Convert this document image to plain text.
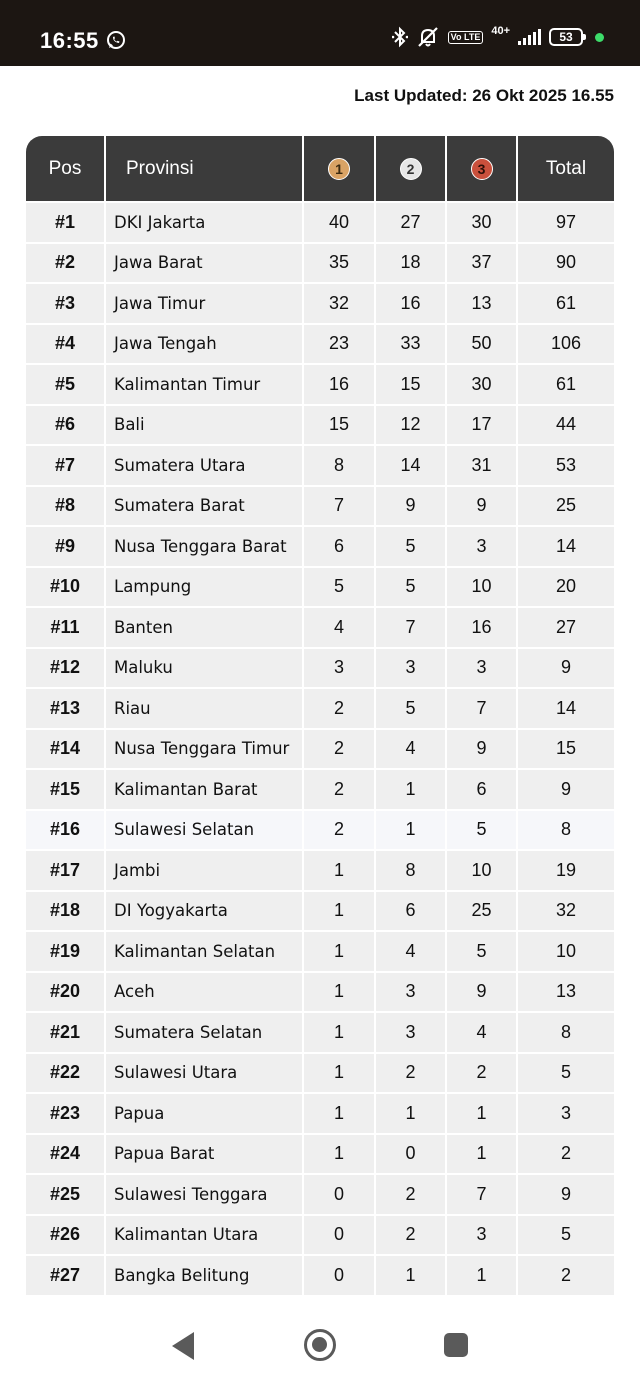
16:55	Vo LTE 40+	53
Last Updated: 26 Okt 2025 16.55
Pos	Provinsi	1	2	3	Total
#1	DKI Jakarta	40	27	30	97
#2	Jawa Barat	35	18	37	90
#3	Jawa Timur	32	16	13	61
#4	Jawa Tengah	23	33	50	106
#5	Kalimantan Timur	16	15	30	61
#6	Bali	15	12	17	44
#7	Sumatera Utara	8	14	31	53
#8	Sumatera Barat	7	9	9	25
#9	Nusa Tenggara Barat	6	5	3	14
#10	Lampung	5	5	10	20
#11	Banten	4	7	16	27
#12	Maluku	3	3	3	9
#13	Riau	2	5	7	14
#14	Nusa Tenggara Timur	2	4	9	15
#15	Kalimantan Barat	2	1	6	9
#16	Sulawesi Selatan	2	1	5	8
#17	Jambi	1	8	10	19
#18	DI Yogyakarta	1	6	25	32
#19	Kalimantan Selatan	1	4	5	10
#20	Aceh	1	3	9	13
#21	Sumatera Selatan	1	3	4	8
#22	Sulawesi Utara	1	2	2	5
#23	Papua	1	1	1	3
#24	Papua Barat	1	0	1	2
#25	Sulawesi Tenggara	0	2	7	9
#26	Kalimantan Utara	0	2	3	5
#27	Bangka Belitung	0	1	1	2
